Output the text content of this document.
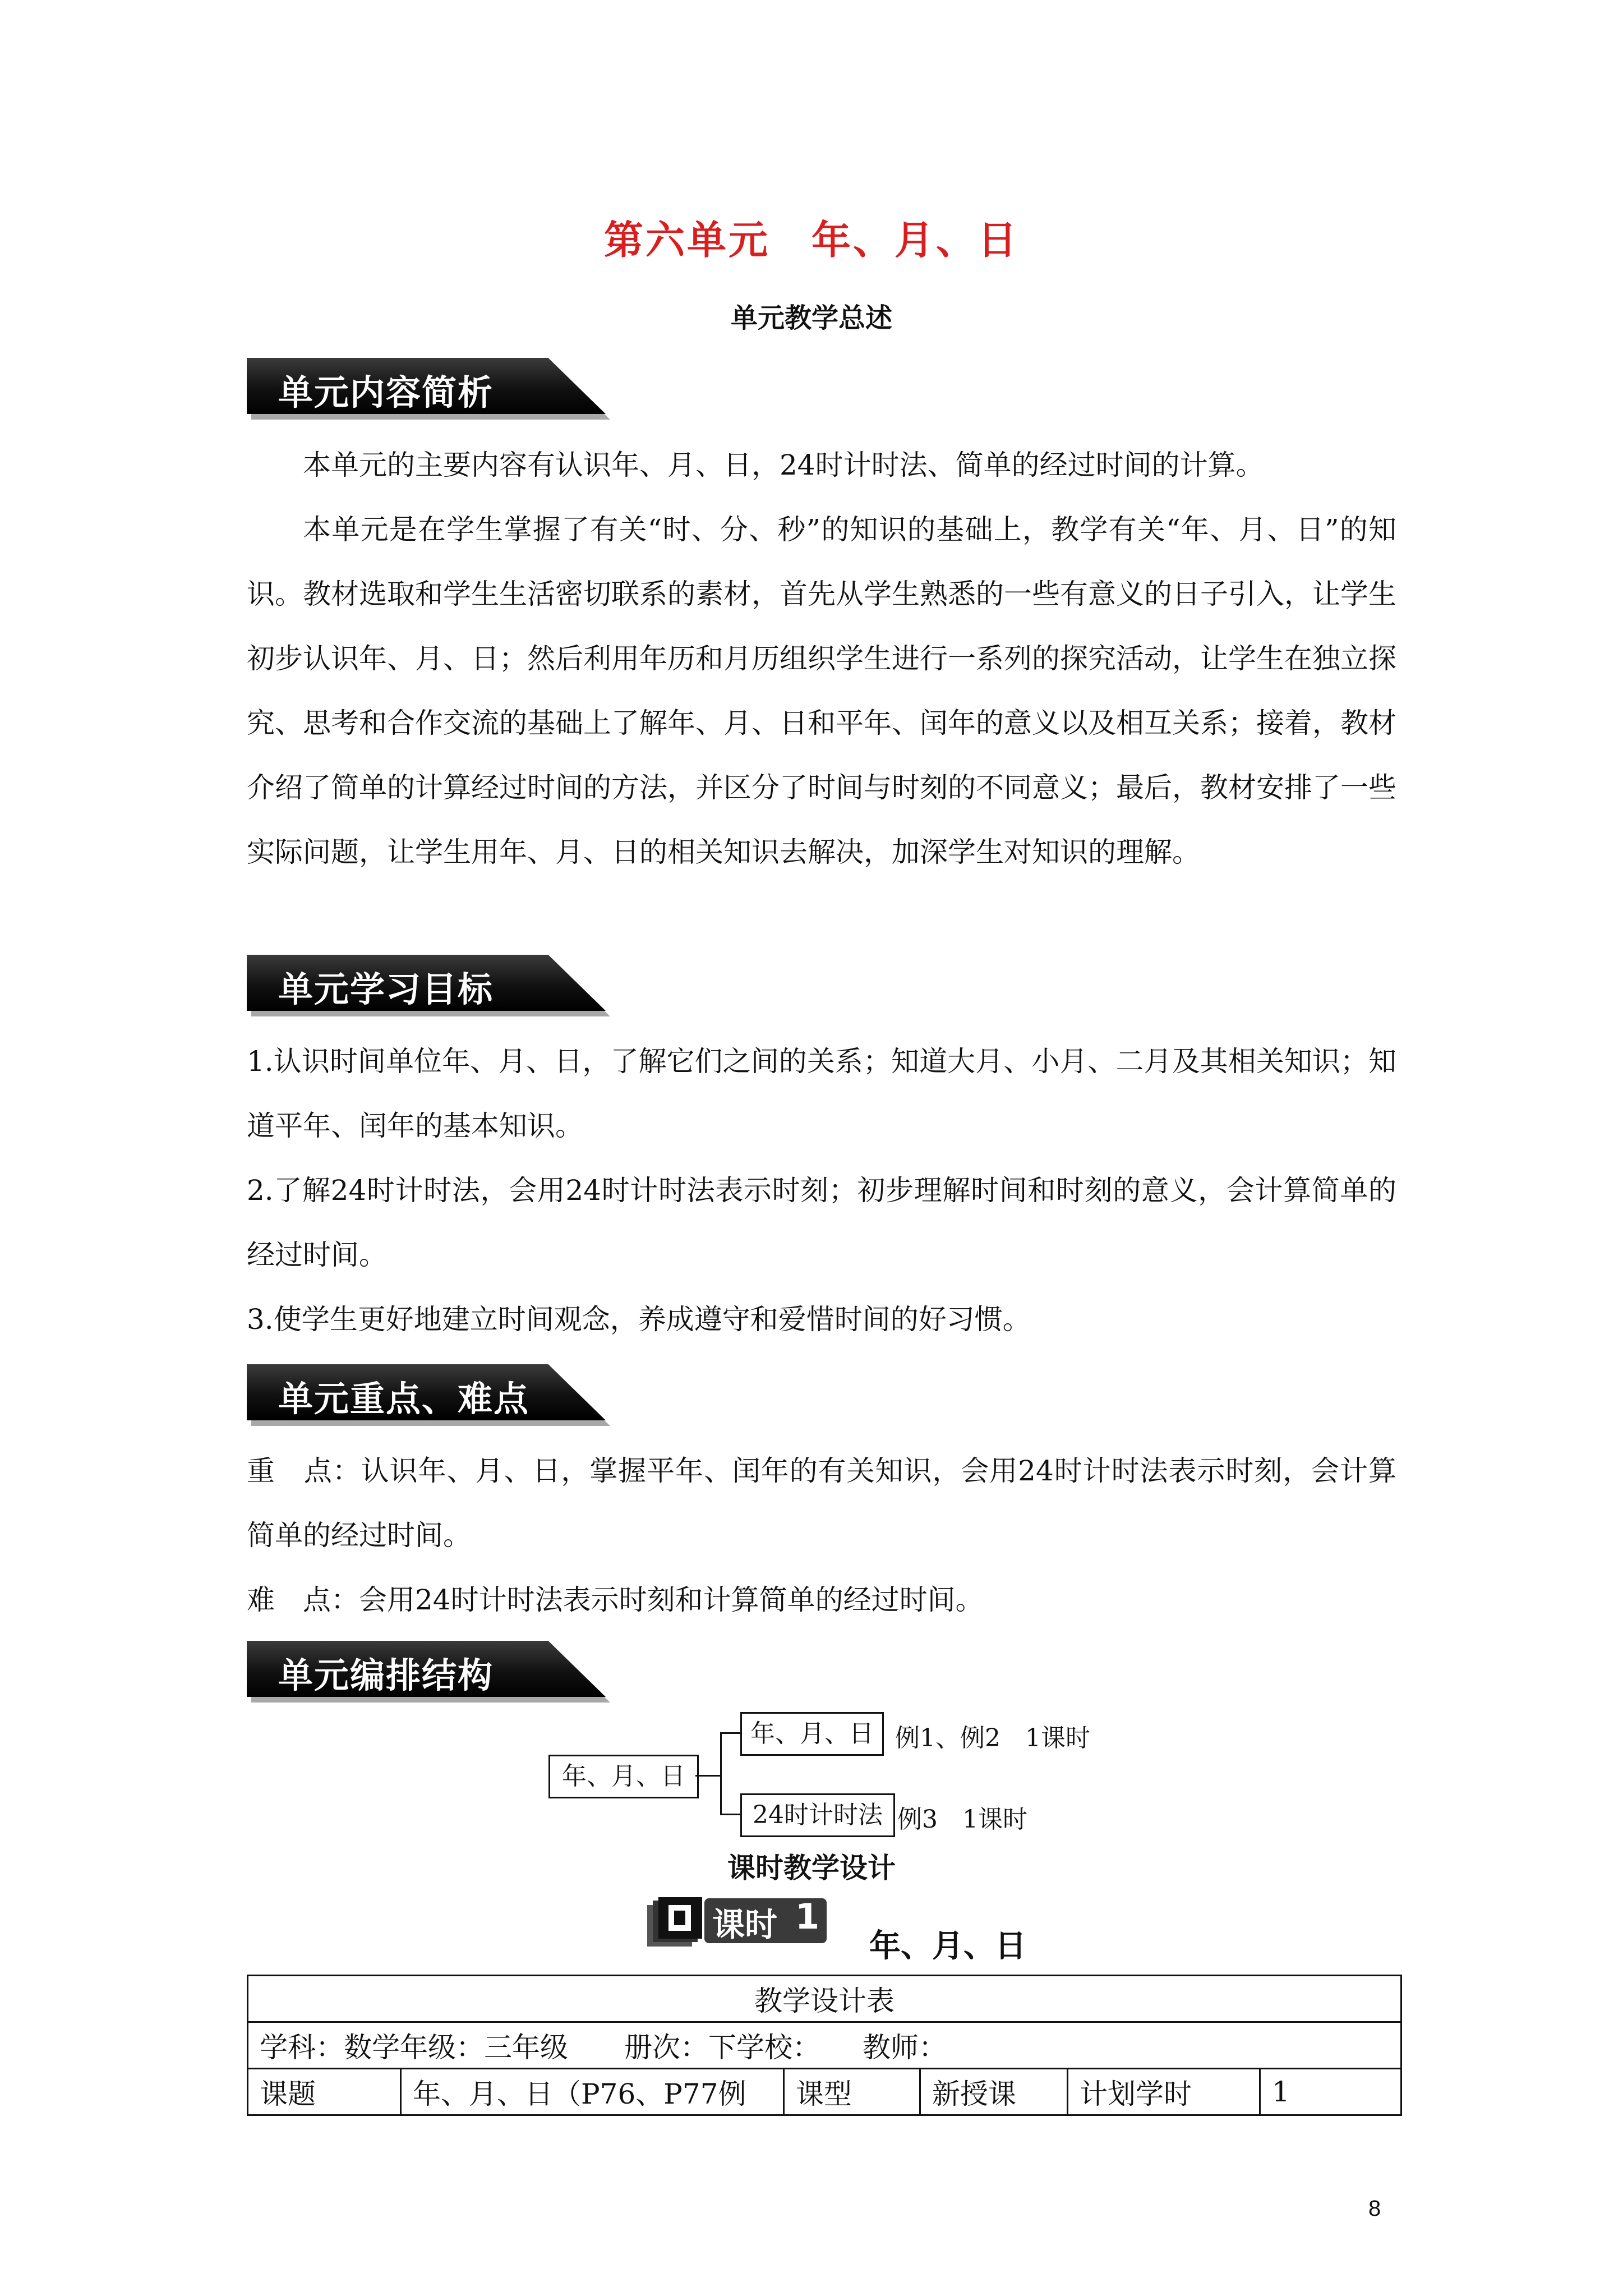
第六单元　年、月、日
单元教学总述
单元内容简析
本单元的主要内容有认识年、月、日，24时计时法、简单的经过时间的计算。
本单元是在学生掌握了有关“时、分、秒”的知识的基础上，教学有关“年、月、日”的知识。教材选取和学生生活密切联系的素材，首先从学生熟悉的一些有意义的日子引入，让学生初步认识年、月、日；然后利用年历和月历组织学生进行一系列的探究活动，让学生在独立探究、思考和合作交流的基础上了解年、月、日和平年、闰年的意义以及相互关系；接着，教材介绍了简单的计算经过时间的方法，并区分了时间与时刻的不同意义；最后，教材安排了一些实际问题，让学生用年、月、日的相关知识去解决，加深学生对知识的理解。
单元学习目标
1.认识时间单位年、月、日，了解它们之间的关系；知道大月、小月、二月及其相关知识；知道平年、闰年的基本知识。
2.了解24时计时法，会用24时计时法表示时刻；初步理解时间和时刻的意义，会计算简单的经过时间。
3.使学生更好地建立时间观念，养成遵守和爱惜时间的好习惯。
单元重点、难点
重　点：认识年、月、日，掌握平年、闰年的有关知识，会用24时计时法表示时刻，会计算简单的经过时间。
难　点：会用24时计时法表示时刻和计算简单的经过时间。
单元编排结构
年、月、日
年、月、日 例1、例2　1课时
24时计时法 例3　1课时
课时教学设计
课时 1
年、月、日
教学设计表
学科：数学年级：三年级　　册次：下学校：　　教师：
课题	年、月、日（P76、P77例	课型	新授课	计划学时	1
8
